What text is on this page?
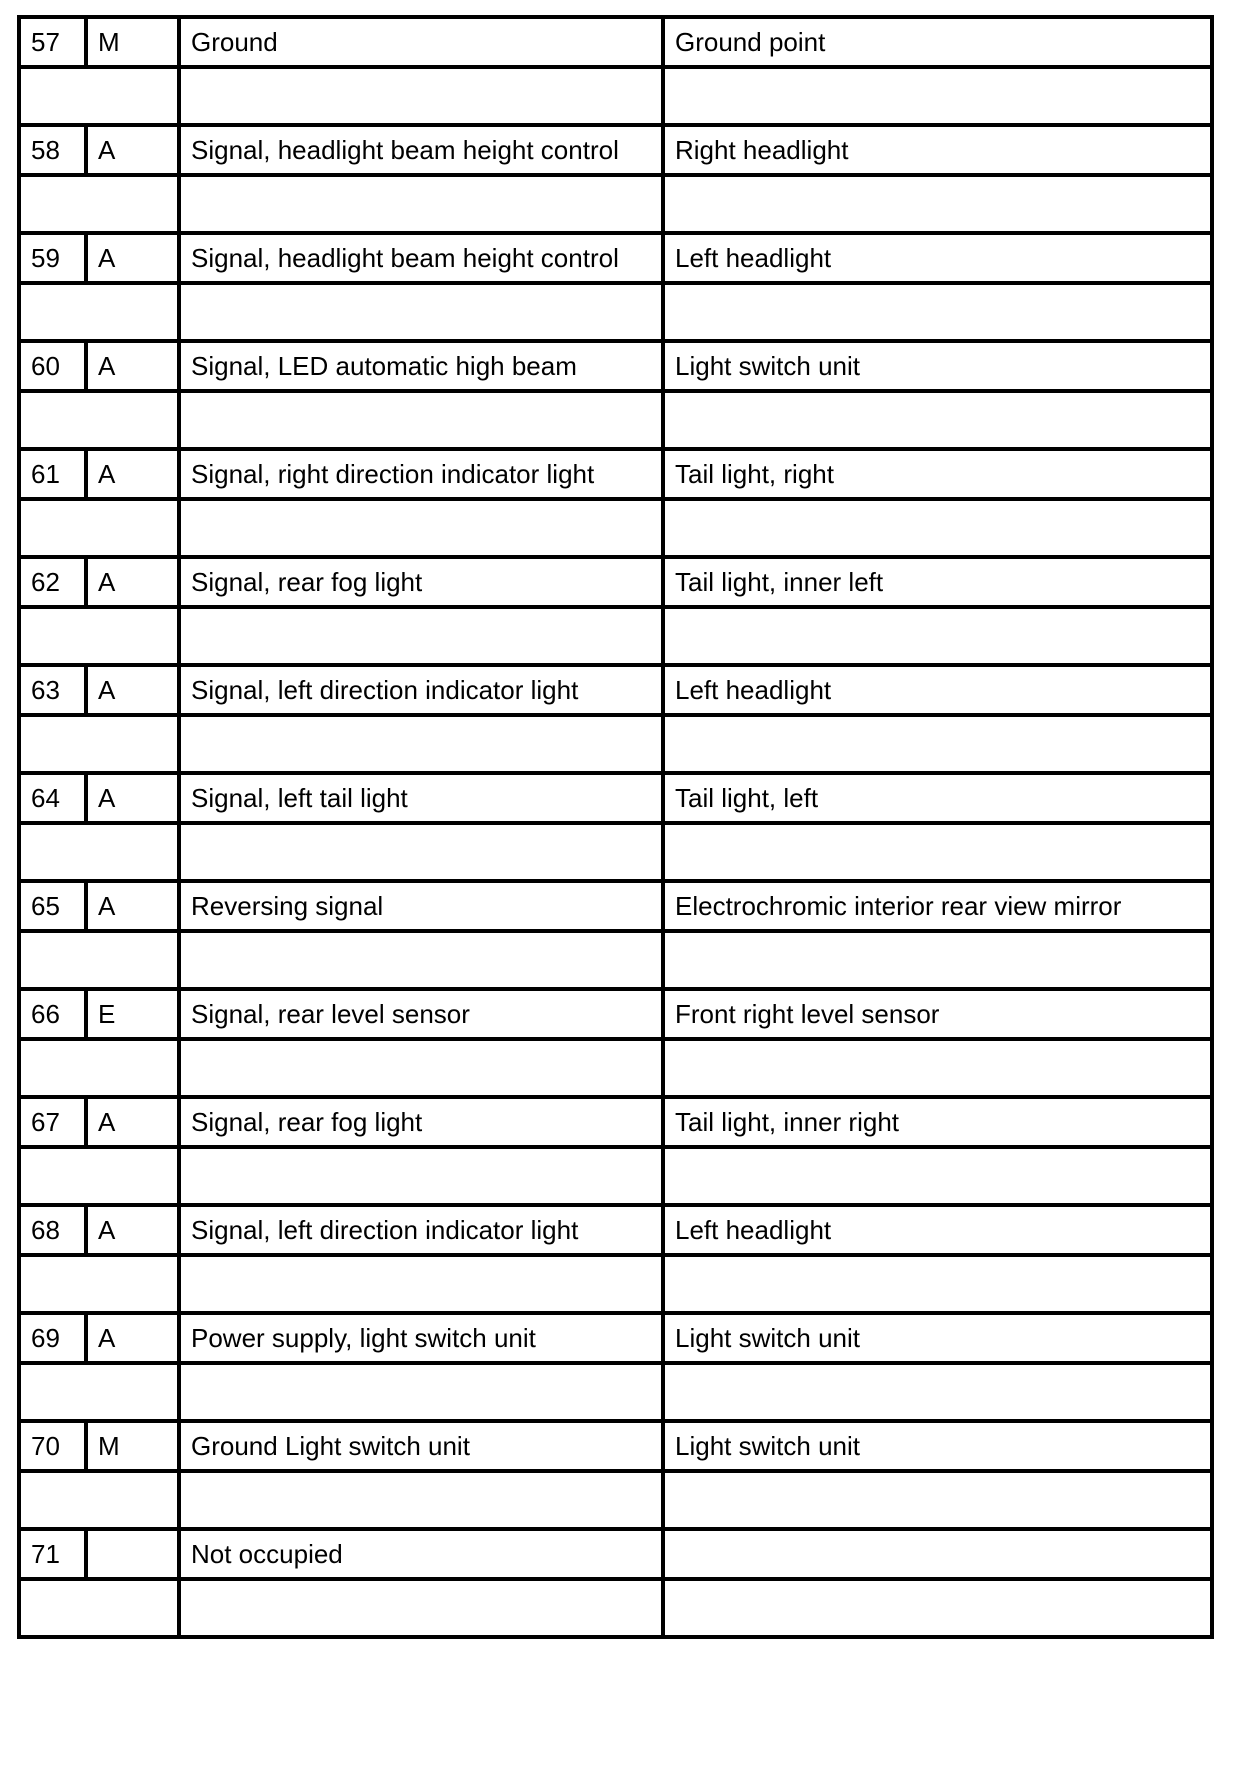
57	M	Ground	Ground point

58	A	Signal, headlight beam height control	Right headlight

59	A	Signal, headlight beam height control	Left headlight

60	A	Signal, LED automatic high beam	Light switch unit

61	A	Signal, right direction indicator light	Tail light, right

62	A	Signal, rear fog light	Tail light, inner left

63	A	Signal, left direction indicator light	Left headlight

64	A	Signal, left tail light	Tail light, left

65	A	Reversing signal	Electrochromic interior rear view mirror

66	E	Signal, rear level sensor	Front right level sensor

67	A	Signal, rear fog light	Tail light, inner right

68	A	Signal, left direction indicator light	Left headlight

69	A	Power supply, light switch unit	Light switch unit

70	M	Ground Light switch unit	Light switch unit

71		Not occupied	
